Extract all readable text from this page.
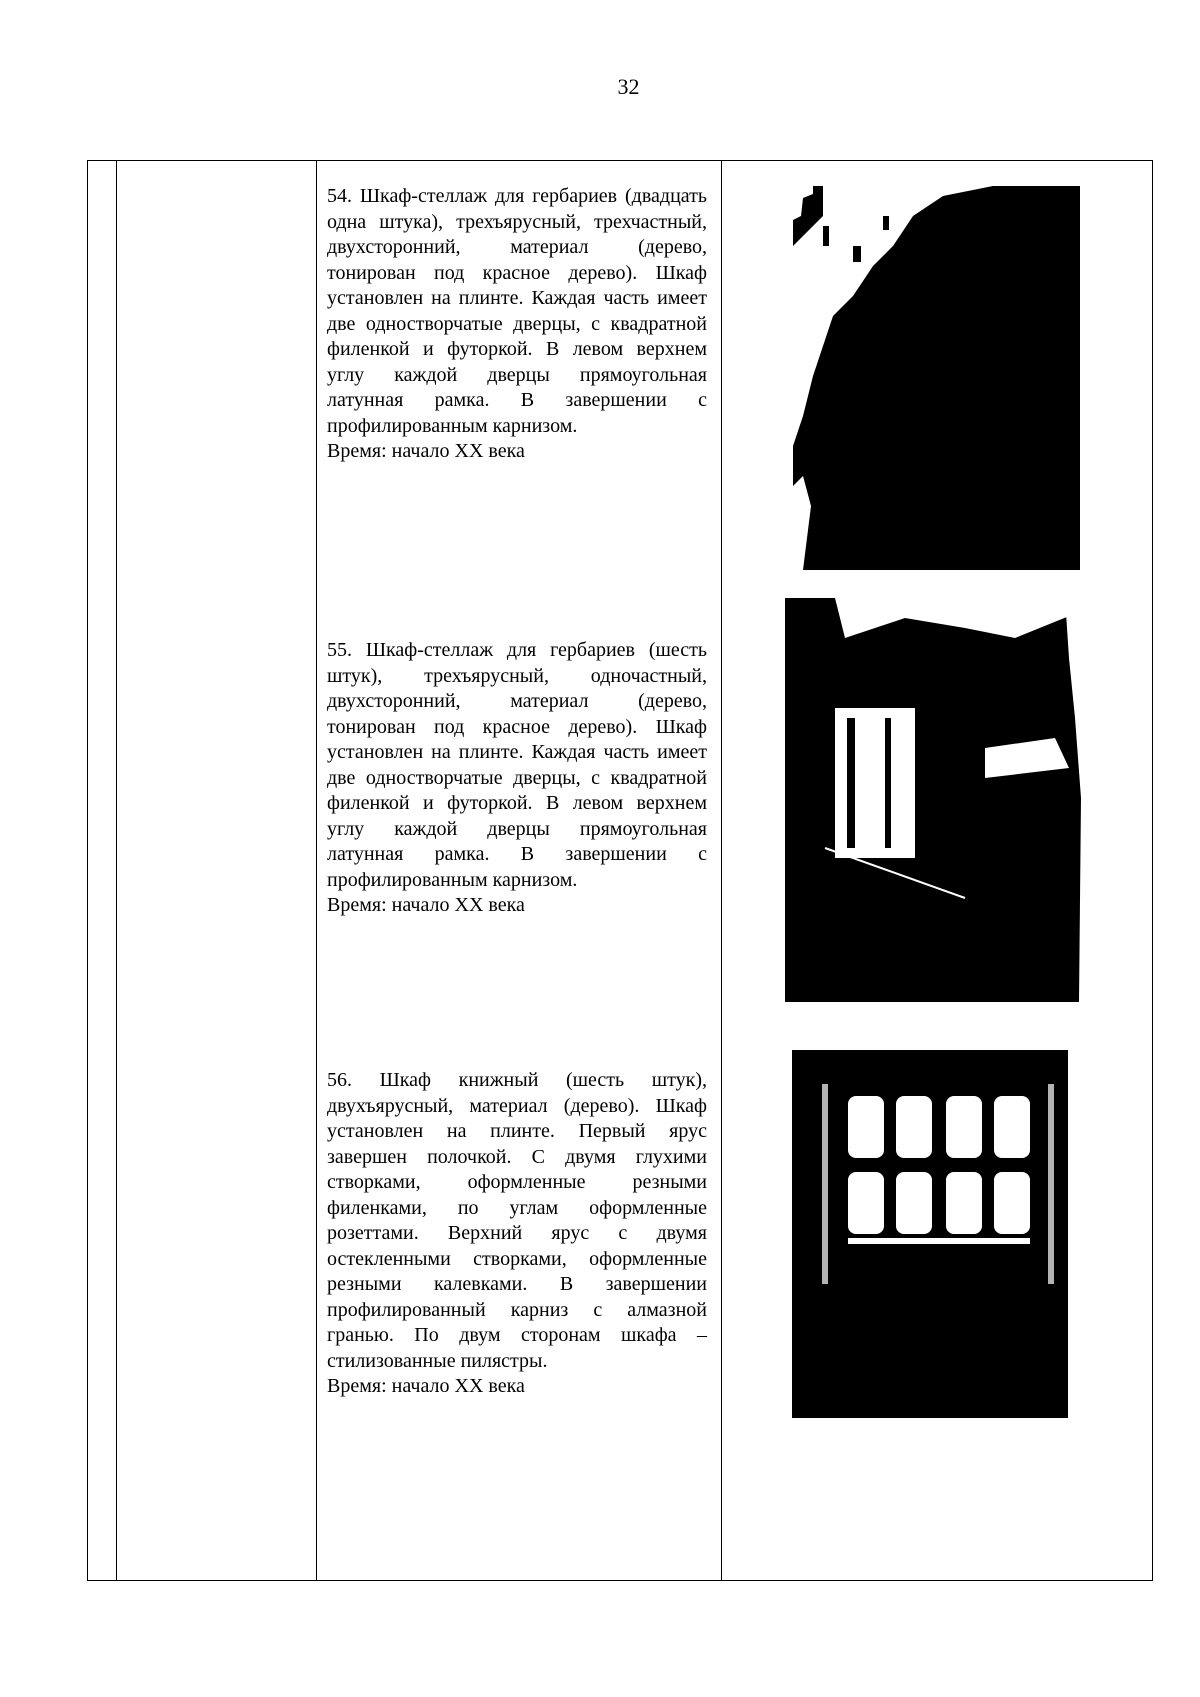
32

54. Шкаф-стеллаж для гербариев (двадцать одна штука), трехъярусный, трехчастный, двухсторонний, материал (дерево, тонирован под красное дерево). Шкаф установлен на плинте. Каждая часть имеет две одностворчатые дверцы, с квадратной филенкой и футоркой. В левом верхнем углу каждой дверцы прямоугольная латунная рамка. В завершении с профилированным карнизом.

Время: начало XX века

55. Шкаф-стеллаж для гербариев (шесть штук), трехъярусный, одночастный, двухсторонний, материал (дерево, тонирован под красное дерево). Шкаф установлен на плинте. Каждая часть имеет две одностворчатые дверцы, с квадратной филенкой и футоркой. В левом верхнем углу каждой дверцы прямоугольная латунная рамка. В завершении с профилированным карнизом.

Время: начало XX века

56. Шкаф книжный (шесть штук), двухъярусный, материал (дерево). Шкаф установлен на плинте. Первый ярус завершен полочкой. С двумя глухими створками, оформленные резными филенками, по углам оформленные розеттами. Верхний ярус с двумя остекленными створками, оформленные резными калевками. В завершении профилированный карниз с алмазной гранью. По двум сторонам шкафа – стилизованные пилястры.

Время: начало XX века
